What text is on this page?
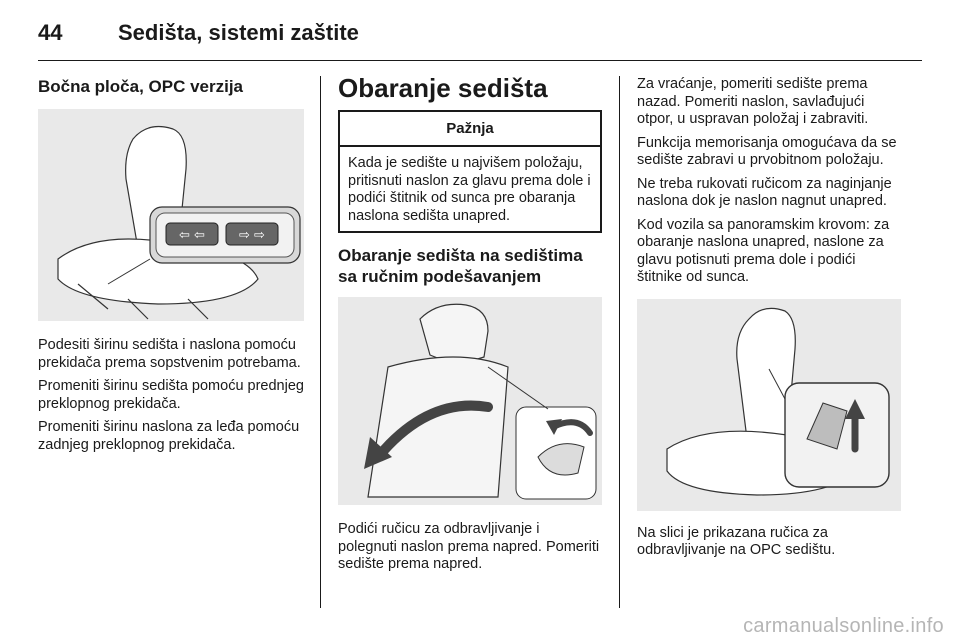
44	Sedišta, sistemi zaštite
Bočna ploča, OPC verzija
⇦ ⇦	⇨ ⇨

Podesiti širinu sedišta i naslona pomoću prekidača prema sopstvenim potrebama.

Promeniti širinu sedišta pomoću prednjeg preklopnog prekidača.

Promeniti širinu naslona za leđa pomoću zadnjeg preklopnog prekidača.

Obaranje sedišta
Pažnja
Kada je sedište u najvišem položaju, pritisnuti naslon za glavu prema dole i podići štitnik od sunca pre obaranja naslona sedišta unapred.
Obaranje sedišta na sedištima sa ručnim podešavanjem

Podići ručicu za odbravljivanje i polegnuti naslon prema napred. Pomeriti sedište prema napred.

Za vraćanje, pomeriti sedište prema nazad. Pomeriti naslon, savlađujući otpor, u uspravan položaj i zabraviti.

Funkcija memorisanja omogućava da se sedište zabravi u prvobitnom položaju.

Ne treba rukovati ručicom za naginjanje naslona dok je naslon nagnut unapred.

Kod vozila sa panoramskim krovom: za obaranje naslona unapred, naslone za glavu potisnuti prema dole i podići štitnike od sunca.

Na slici je prikazana ručica za odbravljivanje na OPC sedištu.

carmanualsonline.info
